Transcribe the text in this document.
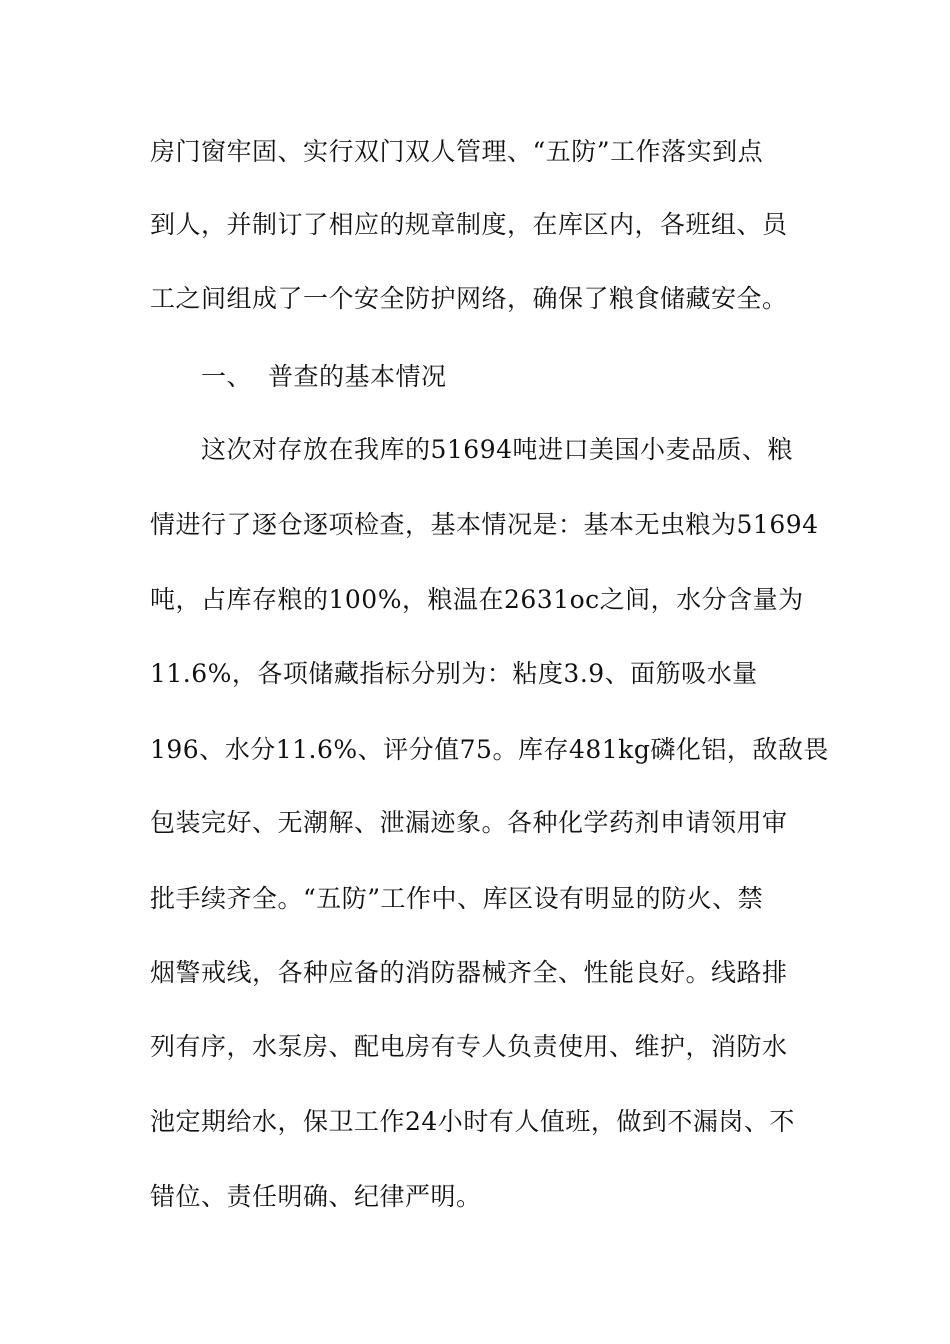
房门窗牢固、实行双门双人管理、“五防”工作落实到点
到人，并制订了相应的规章制度，在库区内，各班组、员
工之间组成了一个安全防护网络，确保了粮食储藏安全。
一、 普查的基本情况
这次对存放在我库的51694吨进口美国小麦品质、粮
情进行了逐仓逐项检查，基本情况是：基本无虫粮为51694
吨，占库存粮的100%，粮温在2631oc之间，水分含量为
11.6%，各项储藏指标分别为：粘度3.9、面筋吸水量
196、水分11.6%、评分值75。库存481kg磷化铝，敌敌畏
包装完好、无潮解、泄漏迹象。各种化学药剂申请领用审
批手续齐全。“五防”工作中、库区设有明显的防火、禁
烟警戒线，各种应备的消防器械齐全、性能良好。线路排
列有序，水泵房、配电房有专人负责使用、维护，消防水
池定期给水，保卫工作24小时有人值班，做到不漏岗、不
错位、责任明确、纪律严明。
